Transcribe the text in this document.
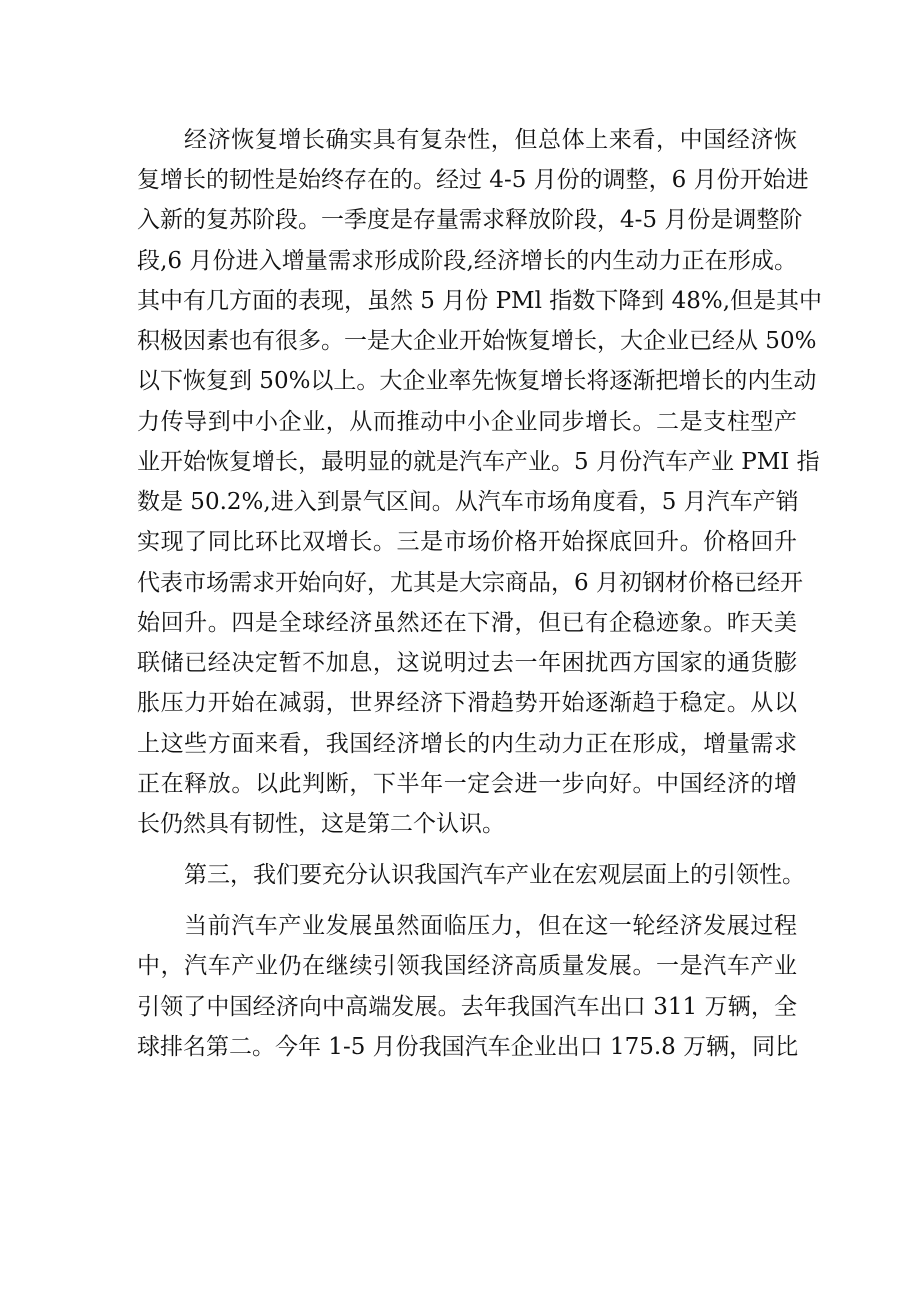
经济恢复增长确实具有复杂性，但总体上来看，中国经济恢
复增长的韧性是始终存在的。经过 4-5 月份的调整，6 月份开始进
入新的复苏阶段。一季度是存量需求释放阶段，4-5 月份是调整阶
段,6 月份进入增量需求形成阶段,经济增长的内生动力正在形成。
其中有几方面的表现，虽然 5 月份 PMl 指数下降到 48%,但是其中
积极因素也有很多。一是大企业开始恢复增长，大企业已经从 50%
以下恢复到 50%以上。大企业率先恢复增长将逐渐把增长的内生动
力传导到中小企业，从而推动中小企业同步增长。二是支柱型产
业开始恢复增长，最明显的就是汽车产业。5 月份汽车产业 PMI 指
数是 50.2%,进入到景气区间。从汽车市场角度看，5 月汽车产销
实现了同比环比双增长。三是市场价格开始探底回升。价格回升
代表市场需求开始向好，尤其是大宗商品，6 月初钢材价格已经开
始回升。四是全球经济虽然还在下滑，但已有企稳迹象。昨天美
联储已经决定暂不加息，这说明过去一年困扰西方国家的通货膨
胀压力开始在减弱，世界经济下滑趋势开始逐渐趋于稳定。从以
上这些方面来看，我国经济增长的内生动力正在形成，增量需求
正在释放。以此判断，下半年一定会进一步向好。中国经济的增
长仍然具有韧性，这是第二个认识。
第三，我们要充分认识我国汽车产业在宏观层面上的引领性。
当前汽车产业发展虽然面临压力，但在这一轮经济发展过程
中，汽车产业仍在继续引领我国经济高质量发展。一是汽车产业
引领了中国经济向中高端发展。去年我国汽车出口 311 万辆，全
球排名第二。今年 1-5 月份我国汽车企业出口 175.8 万辆，同比
